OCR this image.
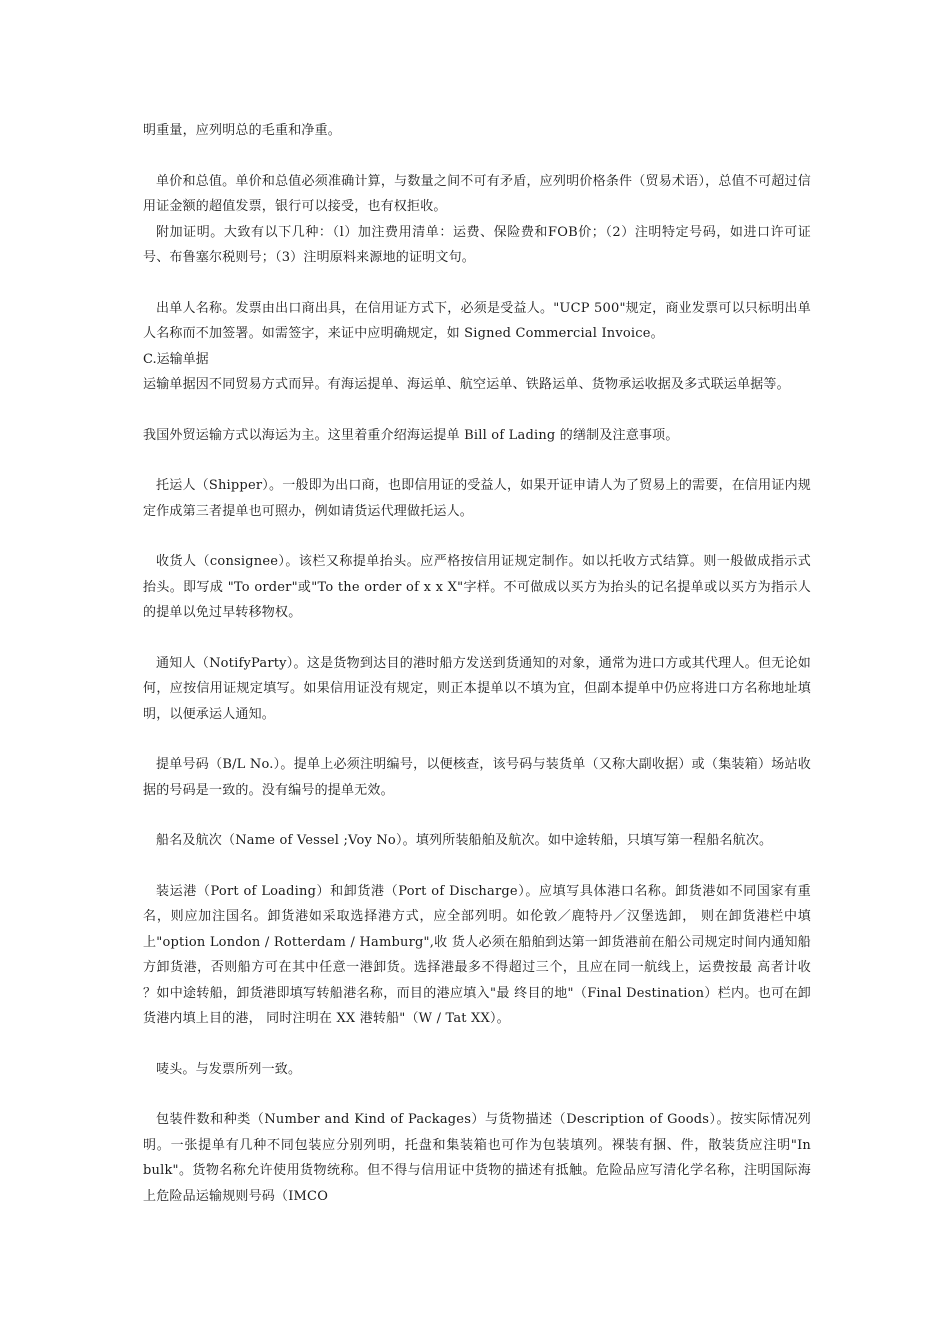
明重量，应列明总的毛重和净重。

单价和总值。单价和总值必须准确计算，与数量之间不可有矛盾，应列明价格条件（贸易术语），总值不可超过信用证金额的超值发票，银行可以接受，也有权拒收。

附加证明。大致有以下几种：（l）加注费用清单：运费、保险费和FOB价；（2）注明特定号码，如进口许可证号、布鲁塞尔税则号；（3）注明原料来源地的证明文句。

出单人名称。发票由出口商出具，在信用证方式下，必须是受益人。"UCP 500"规定，商业发票可以只标明出单人名称而不加签署。如需签字，来证中应明确规定，如 Signed Commercial Invoice。

C.运输单据

运输单据因不同贸易方式而异。有海运提单、海运单、航空运单、铁路运单、货物承运收据及多式联运单据等。

我国外贸运输方式以海运为主。这里着重介绍海运提单 Bill of Lading 的缮制及注意事项。

托运人（Shipper）。一般即为出口商，也即信用证的受益人，如果开证申请人为了贸易上的需要，在信用证内规定作成第三者提单也可照办，例如请货运代理做托运人。

收货人（consignee）。该栏又称提单抬头。应严格按信用证规定制作。如以托收方式结算。则一般做成指示式抬头。即写成 "To order"或"To the order of x x X"字样。不可做成以买方为抬头的记名提单或以买方为指示人的提单以免过早转移物权。

通知人（NotifyParty）。这是货物到达目的港时船方发送到货通知的对象，通常为进口方或其代理人。但无论如何，应按信用证规定填写。如果信用证没有规定，则正本提单以不填为宜，但副本提单中仍应将进口方名称地址填明，以便承运人通知。

提单号码（B/L No.）。提单上必须注明编号，以便核查，该号码与装货单（又称大副收据）或（集装箱）场站收据的号码是一致的。没有编号的提单无效。

船名及航次（Name of Vessel ;Voy No）。填列所装船舶及航次。如中途转船，只填写第一程船名航次。

装运港（Port of Loading）和卸货港（Port of Discharge）。应填写具体港口名称。卸货港如不同国家有重名，则应加注国名。卸货港如采取选择港方式，应全部列明。如伦敦／鹿特丹／汉堡选卸， 则在卸货港栏中填上"option London / Rotterdam / Hamburg",收 货人必须在船舶到达第一卸货港前在船公司规定时间内通知船方卸货港，否则船方可在其中任意一港卸货。选择港最多不得超过三个，且应在同一航线上，运费按最 高者计收 ？如中途转船，卸货港即填写转船港名称，而目的港应填入"最 终目的地"（Final Destination）栏内。也可在卸货港内填上目的港， 同时注明在 XX 港转船"（W / Tat XX）。

唛头。与发票所列一致。

包装件数和种类（Number and Kind of Packages）与货物描述（Description of Goods）。按实际情况列明。一张提单有几种不同包装应分别列明，托盘和集装箱也可作为包装填列。裸装有捆、件，散装货应注明"In bulk"。货物名称允许使用货物统称。但不得与信用证中货物的描述有抵触。危险品应写清化学名称，注明国际海上危险品运输规则号码（IMCO
